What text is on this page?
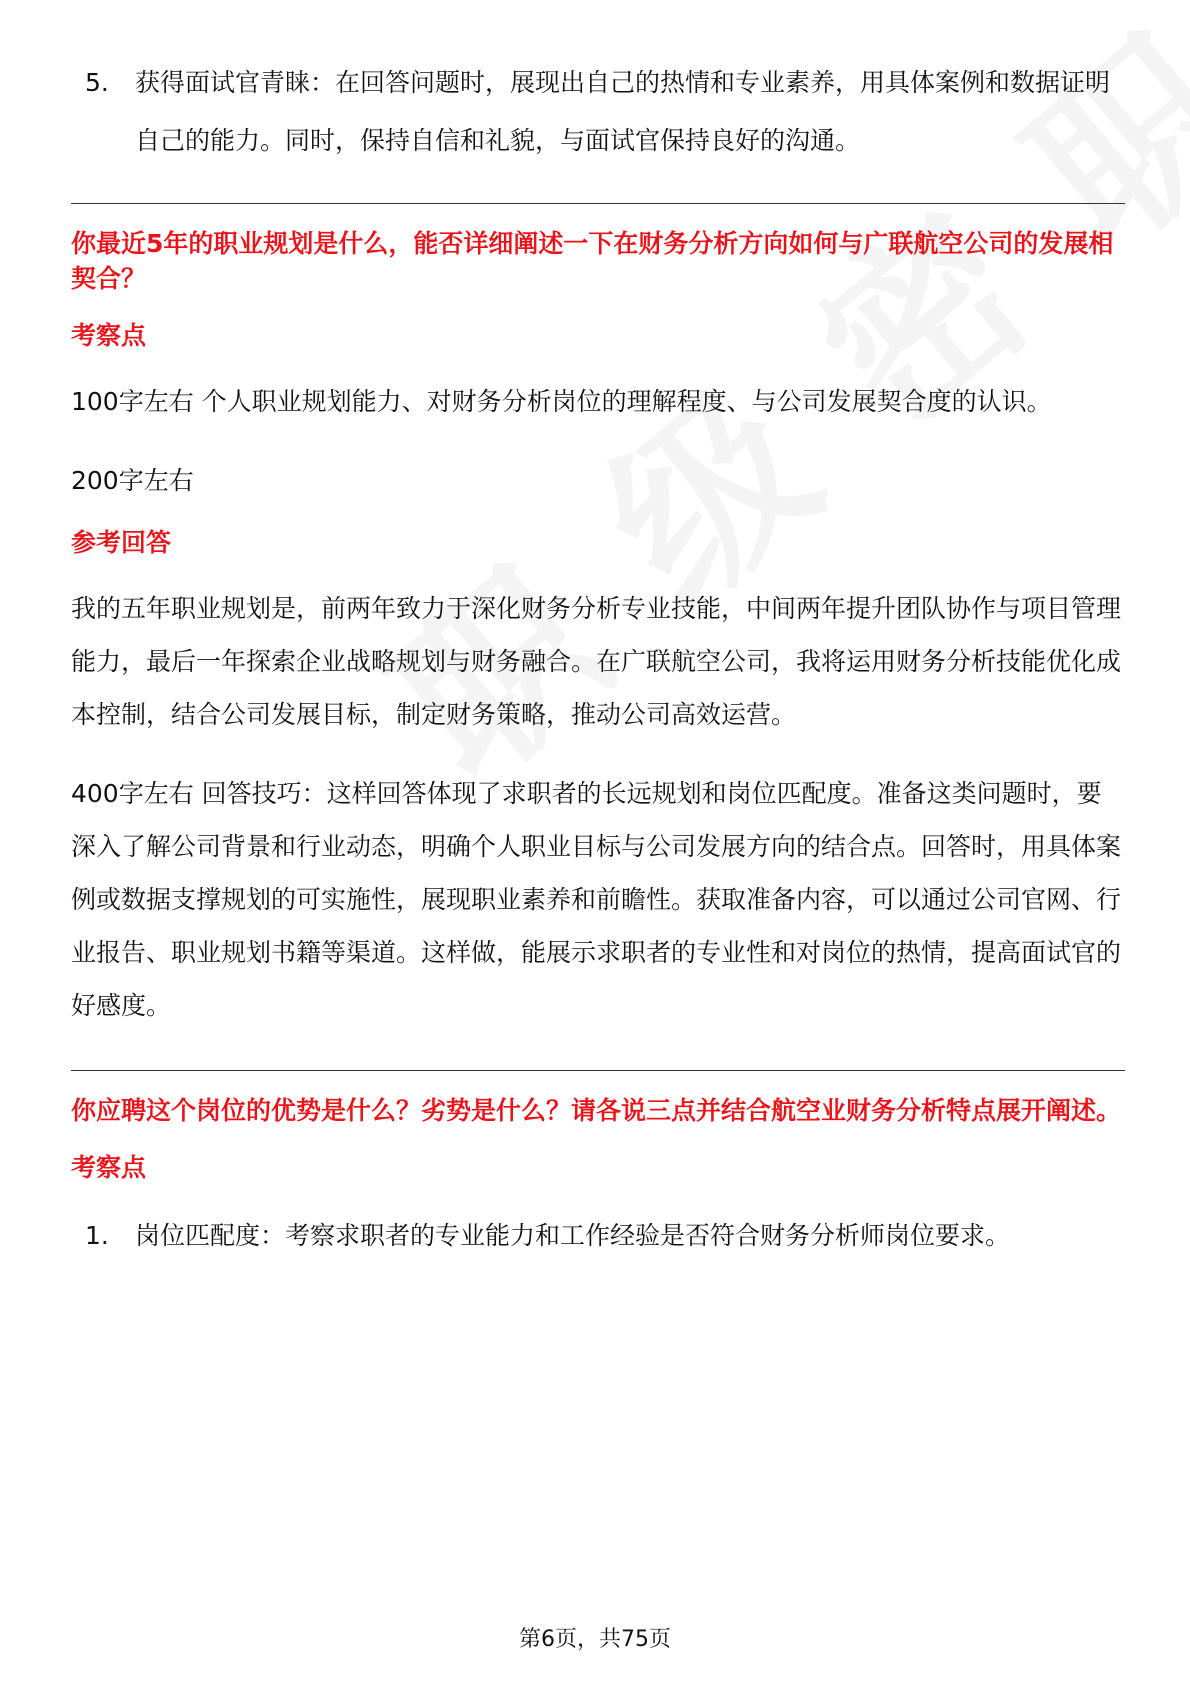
5.	获得面试官青睐：在回答问题时，展现出自己的热情和专业素养，用具体案例和数据证明自己的能力。同时，保持自信和礼貌，与面试官保持良好的沟通。
你最近5年的职业规划是什么，能否详细阐述一下在财务分析方向如何与广联航空公司的发展相契合？
考察点
100字左右 个人职业规划能力、对财务分析岗位的理解程度、与公司发展契合度的认识。
200字左右
参考回答
我的五年职业规划是，前两年致力于深化财务分析专业技能，中间两年提升团队协作与项目管理能力，最后一年探索企业战略规划与财务融合。在广联航空公司，我将运用财务分析技能优化成本控制，结合公司发展目标，制定财务策略，推动公司高效运营。
400字左右 回答技巧：这样回答体现了求职者的长远规划和岗位匹配度。准备这类问题时，要深入了解公司背景和行业动态，明确个人职业目标与公司发展方向的结合点。回答时，用具体案例或数据支撑规划的可实施性，展现职业素养和前瞻性。获取准备内容，可以通过公司官网、行业报告、职业规划书籍等渠道。这样做，能展示求职者的专业性和对岗位的热情，提高面试官的好感度。
你应聘这个岗位的优势是什么？劣势是什么？请各说三点并结合航空业财务分析特点展开阐述。
考察点
1.	岗位匹配度：考察求职者的专业能力和工作经验是否符合财务分析师岗位要求。
第6页，共75页
